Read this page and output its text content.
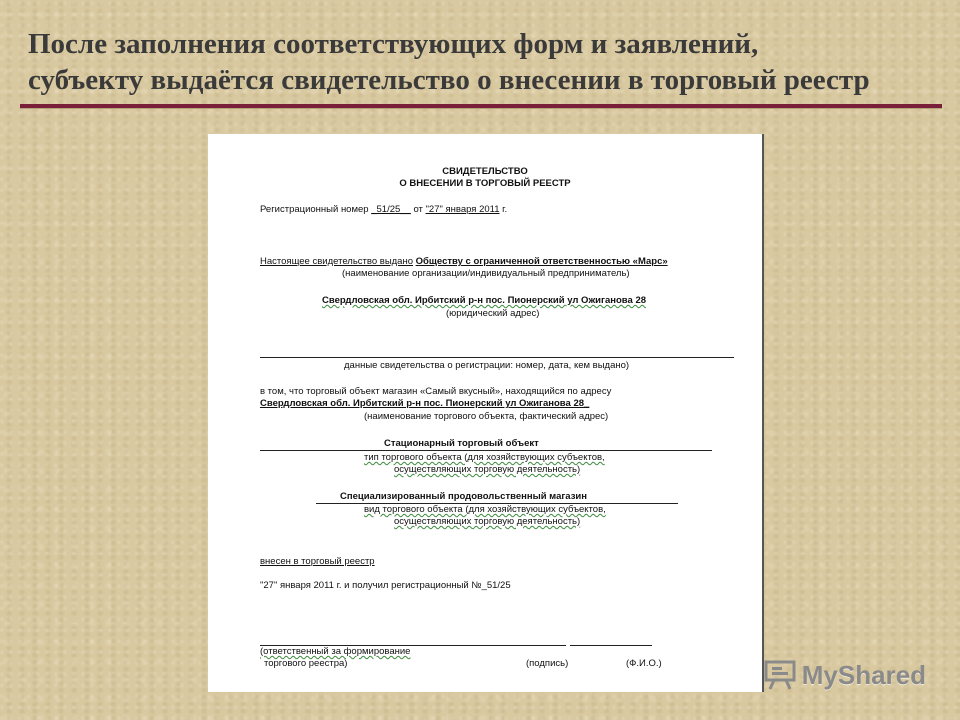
После заполнения соответствующих форм и заявлений,
субъекту выдаётся свидетельство о внесении в торговый реестр
СВИДЕТЕЛЬСТВО
О ВНЕСЕНИИ В ТОРГОВЫЙ РЕЕСТР
Регистрационный номер _51/25__ от "27" января 2011 г.
Настоящее свидетельство выдано Обществу с ограниченной ответственностью «Марс»
(наименование организации/индивидуальный предприниматель)
Свердловская обл. Ирбитский р-н пос. Пионерский ул Ожиганова 28
(юридический адрес)
данные свидетельства о регистрации: номер, дата, кем выдано)
в том, что торговый объект магазин «Самый вкусный», находящийся по адресу
Свердловская обл. Ирбитский р-н пос. Пионерский ул Ожиганова 28_
(наименование торгового объекта, фактический адрес)
Стационарный торговый объект
тип торгового объекта (для хозяйствующих субъектов,
осуществляющих торговую деятельность)
Специализированный продовольственный магазин
вид торгового объекта (для хозяйствующих субъектов,
осуществляющих торговую деятельность)
внесен в торговый реестр
"27" января 2011 г. и получил регистрационный №_51/25
(ответственный за формирование
торгового реестра)	(подпись)	(Ф.И.О.)	MyShared
